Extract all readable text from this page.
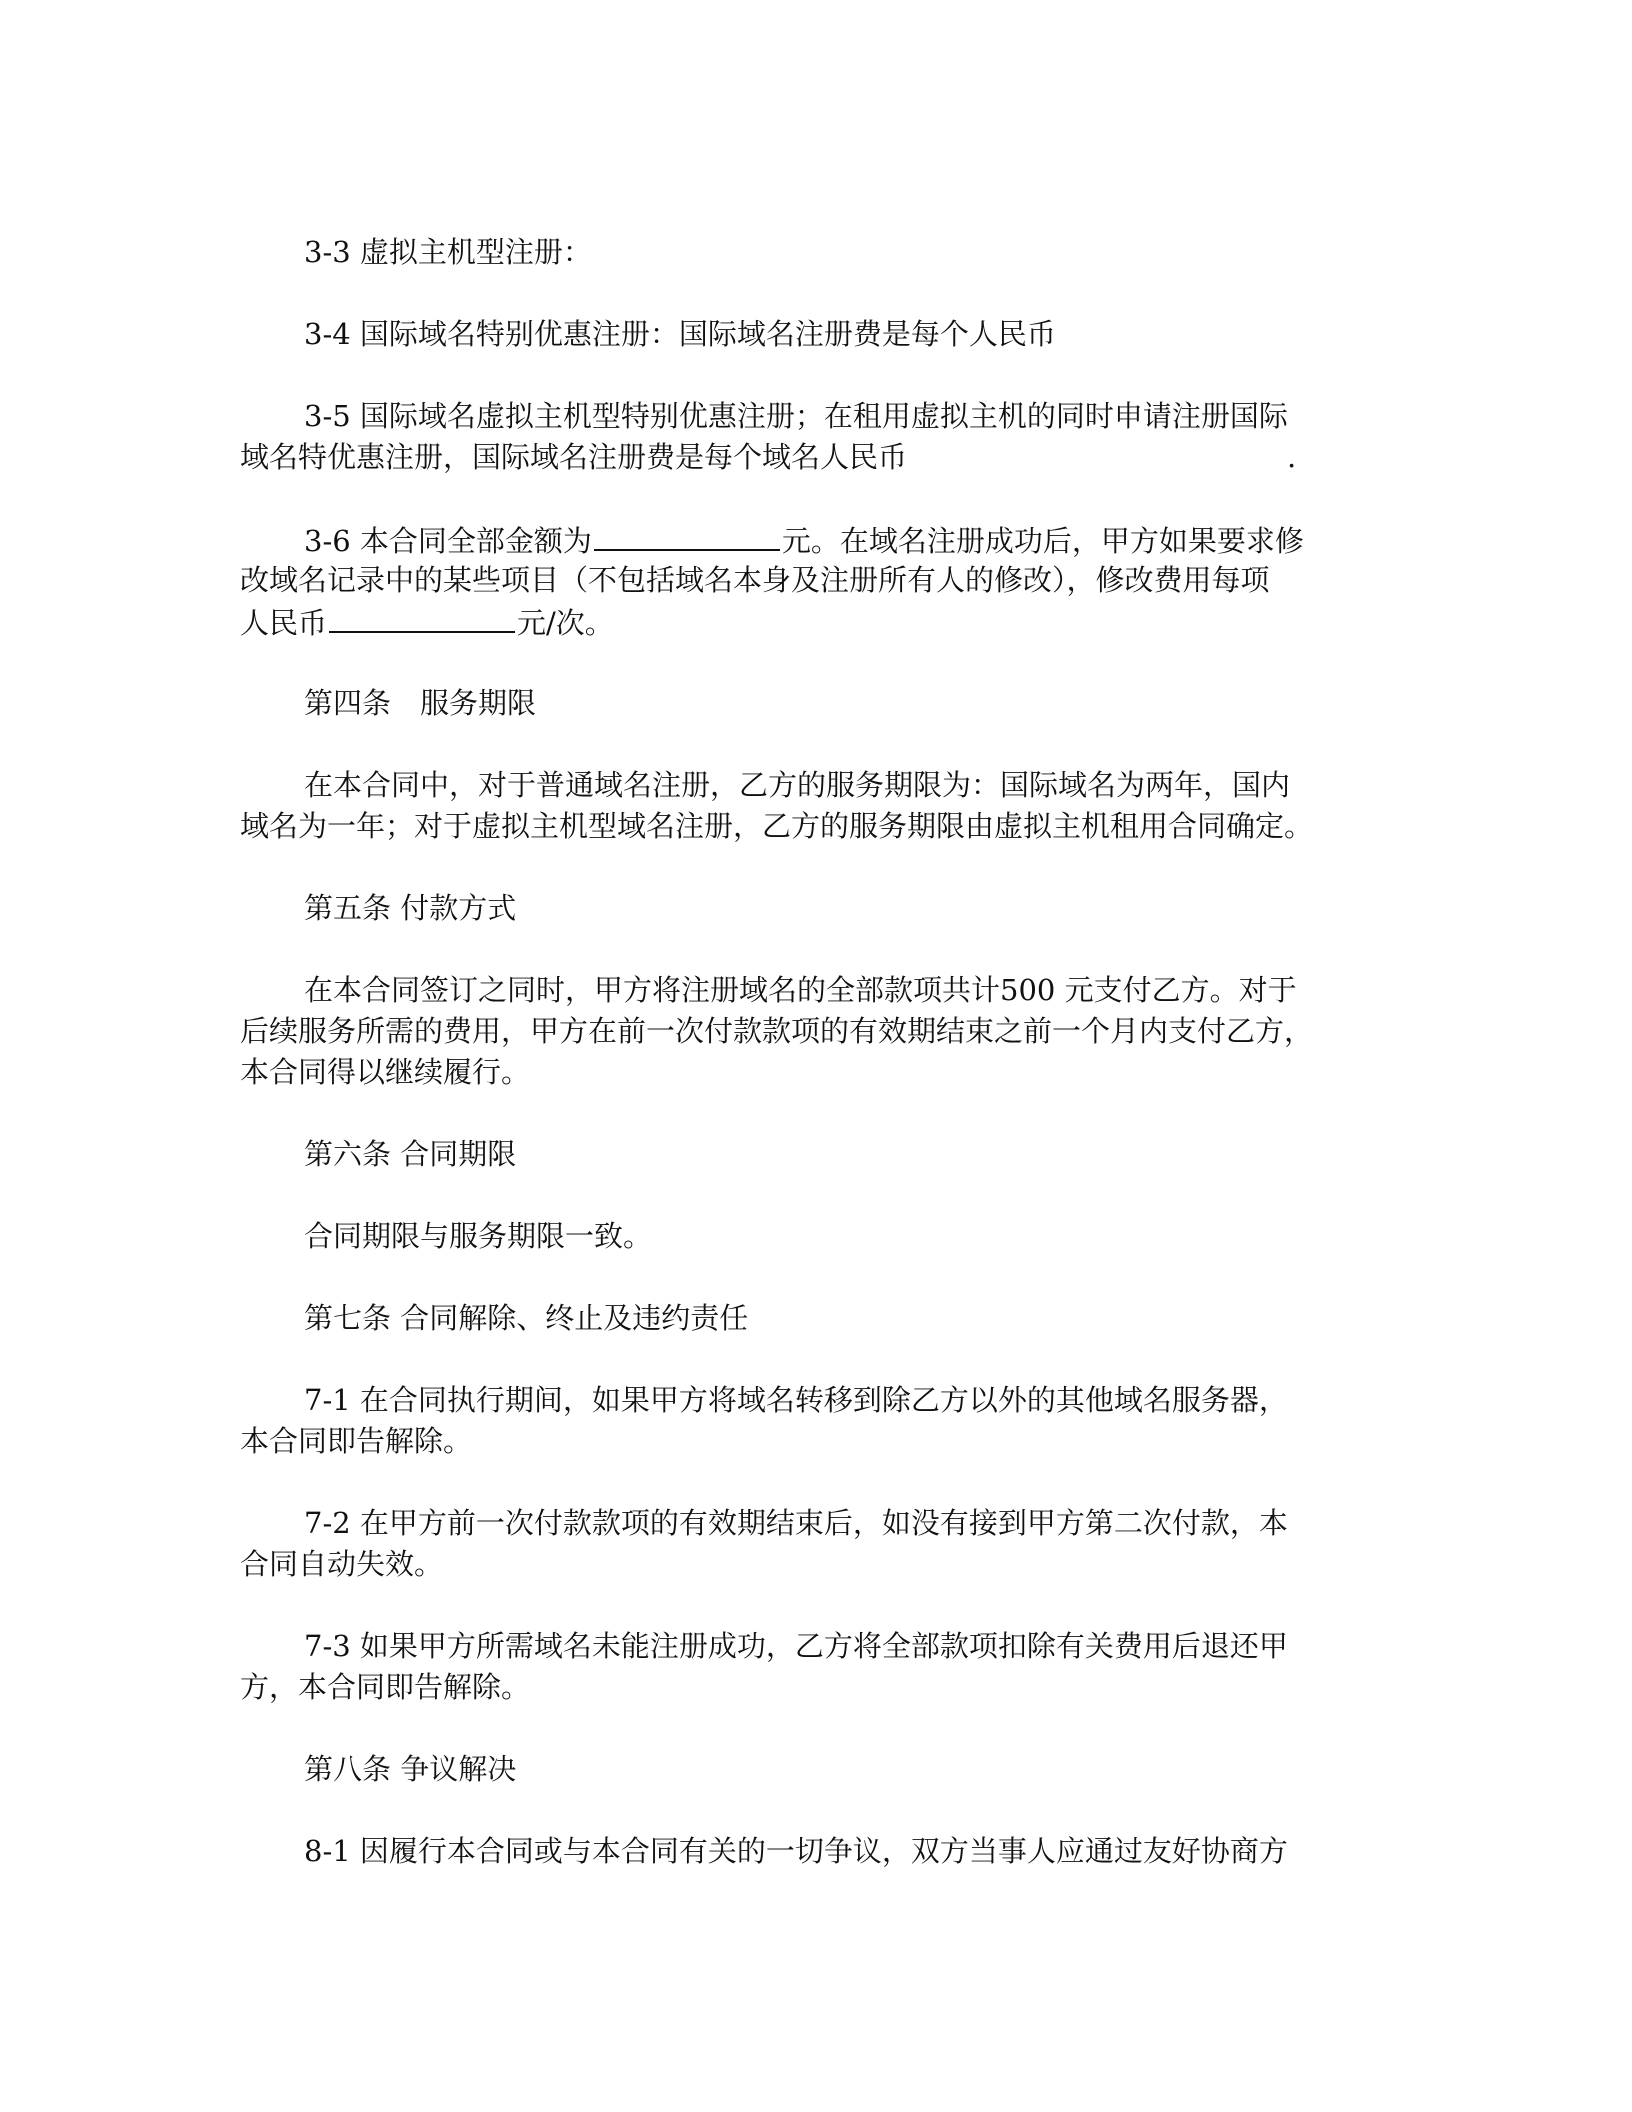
3-3 虚拟主机型注册：
3-4 国际域名特别优惠注册：国际域名注册费是每个人民币
3-5 国际域名虚拟主机型特别优惠注册；在租用虚拟主机的同时申请注册国际
域名特优惠注册，国际域名注册费是每个域名人民币	.
3-6 本合同全部金额为	元。在域名注册成功后，甲方如果要求修
改域名记录中的某些项目（不包括域名本身及注册所有人的修改），修改费用每项
人民币	元/次。
第四条　服务期限
在本合同中，对于普通域名注册，乙方的服务期限为：国际域名为两年，国内
域名为一年；对于虚拟主机型域名注册，乙方的服务期限由虚拟主机租用合同确定。
第五条 付款方式
在本合同签订之同时，甲方将注册域名的全部款项共计500 元支付乙方。对于
后续服务所需的费用，甲方在前一次付款款项的有效期结束之前一个月内支付乙方，
本合同得以继续履行。
第六条 合同期限
合同期限与服务期限一致。
第七条 合同解除、终止及违约责任
7-1 在合同执行期间，如果甲方将域名转移到除乙方以外的其他域名服务器，
本合同即告解除。
7-2 在甲方前一次付款款项的有效期结束后，如没有接到甲方第二次付款，本
合同自动失效。
7-3 如果甲方所需域名未能注册成功，乙方将全部款项扣除有关费用后退还甲
方，本合同即告解除。
第八条 争议解决
8-1 因履行本合同或与本合同有关的一切争议，双方当事人应通过友好协商方
